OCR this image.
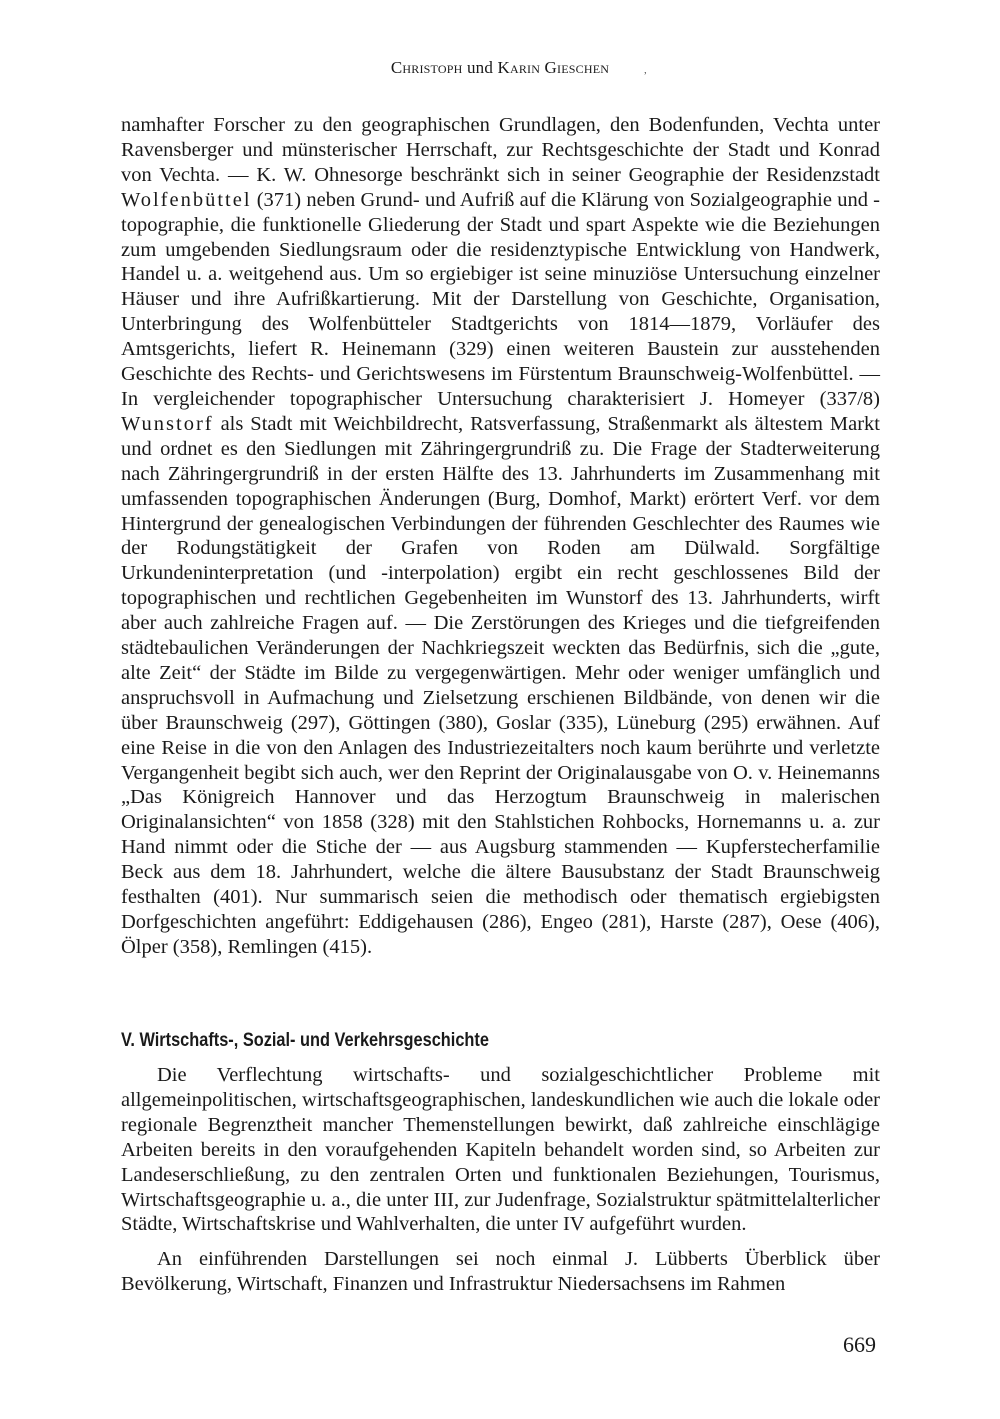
Christoph und Karin Gieschen	,

namhafter Forscher zu den geographischen Grundlagen, den Bodenfunden, Vechta unter Ravensberger und münsterischer Herrschaft, zur Rechtsgeschichte der Stadt und Konrad von Vechta. — K. W. Ohnesorge beschränkt sich in seiner Geographie der Residenzstadt Wolfenbüttel (371) neben Grund- und Aufriß auf die Klärung von Sozialgeographie und -topographie, die funktionelle Gliederung der Stadt und spart Aspekte wie die Beziehungen zum umgebenden Siedlungsraum oder die residenztypische Entwicklung von Handwerk, Handel u. a. weitgehend aus. Um so ergiebiger ist seine minuziöse Untersuchung einzelner Häuser und ihre Aufrißkartierung. Mit der Darstellung von Geschichte, Organisation, Unterbringung des Wolfenbütteler Stadtgerichts von 1814—1879, Vorläufer des Amtsgerichts, liefert R. Heinemann (329) einen weiteren Baustein zur ausstehenden Geschichte des Rechts- und Gerichtswesens im Fürstentum Braunschweig-Wolfenbüttel. — In vergleichender topographischer Untersuchung charakterisiert J. Homeyer (337/8) Wunstorf als Stadt mit Weichbildrecht, Ratsverfassung, Straßenmarkt als ältestem Markt und ordnet es den Siedlungen mit Zähringergrundriß zu. Die Frage der Stadterweiterung nach Zähringergrundriß in der ersten Hälfte des 13. Jahrhunderts im Zusammenhang mit umfassenden topographischen Änderungen (Burg, Domhof, Markt) erörtert Verf. vor dem Hintergrund der genealogischen Verbindungen der führenden Geschlechter des Raumes wie der Rodungstätigkeit der Grafen von Roden am Dülwald. Sorgfältige Urkundeninterpretation (und -interpolation) ergibt ein recht geschlossenes Bild der topographischen und rechtlichen Gegebenheiten im Wunstorf des 13. Jahrhunderts, wirft aber auch zahlreiche Fragen auf. — Die Zerstörungen des Krieges und die tiefgreifenden städtebaulichen Veränderungen der Nachkriegszeit weckten das Bedürfnis, sich die „gute, alte Zeit“ der Städte im Bilde zu vergegenwärtigen. Mehr oder weniger umfänglich und anspruchsvoll in Aufmachung und Zielsetzung erschienen Bildbände, von denen wir die über Braunschweig (297), Göttingen (380), Goslar (335), Lüneburg (295) erwähnen. Auf eine Reise in die von den Anlagen des Industriezeitalters noch kaum berührte und verletzte Vergangenheit begibt sich auch, wer den Reprint der Originalausgabe von O. v. Heinemanns „Das Königreich Hannover und das Herzogtum Braunschweig in malerischen Originalansichten“ von 1858 (328) mit den Stahlstichen Rohbocks, Hornemanns u. a. zur Hand nimmt oder die Stiche der — aus Augsburg stammenden — Kupferstecherfamilie Beck aus dem 18. Jahrhundert, welche die ältere Bausubstanz der Stadt Braunschweig festhalten (401). Nur summarisch seien die methodisch oder thematisch ergiebigsten Dorfgeschichten angeführt: Eddigehausen (286), Engeo (281), Harste (287), Oese (406), Ölper (358), Remlingen (415).

V. Wirtschafts-, Sozial- und Verkehrsgeschichte

Die Verflechtung wirtschafts- und sozialgeschichtlicher Probleme mit allgemeinpolitischen, wirtschaftsgeographischen, landeskundlichen wie auch die lokale oder regionale Begrenztheit mancher Themenstellungen bewirkt, daß zahlreiche einschlägige Arbeiten bereits in den voraufgehenden Kapiteln behandelt worden sind, so Arbeiten zur Landeserschließung, zu den zentralen Orten und funktionalen Beziehungen, Tourismus, Wirtschaftsgeographie u. a., die unter III, zur Judenfrage, Sozialstruktur spätmittelalterlicher Städte, Wirtschaftskrise und Wahlverhalten, die unter IV aufgeführt wurden.

An einführenden Darstellungen sei noch einmal J. Lübberts Überblick über Bevölkerung, Wirtschaft, Finanzen und Infrastruktur Niedersachsens im Rahmen

669
